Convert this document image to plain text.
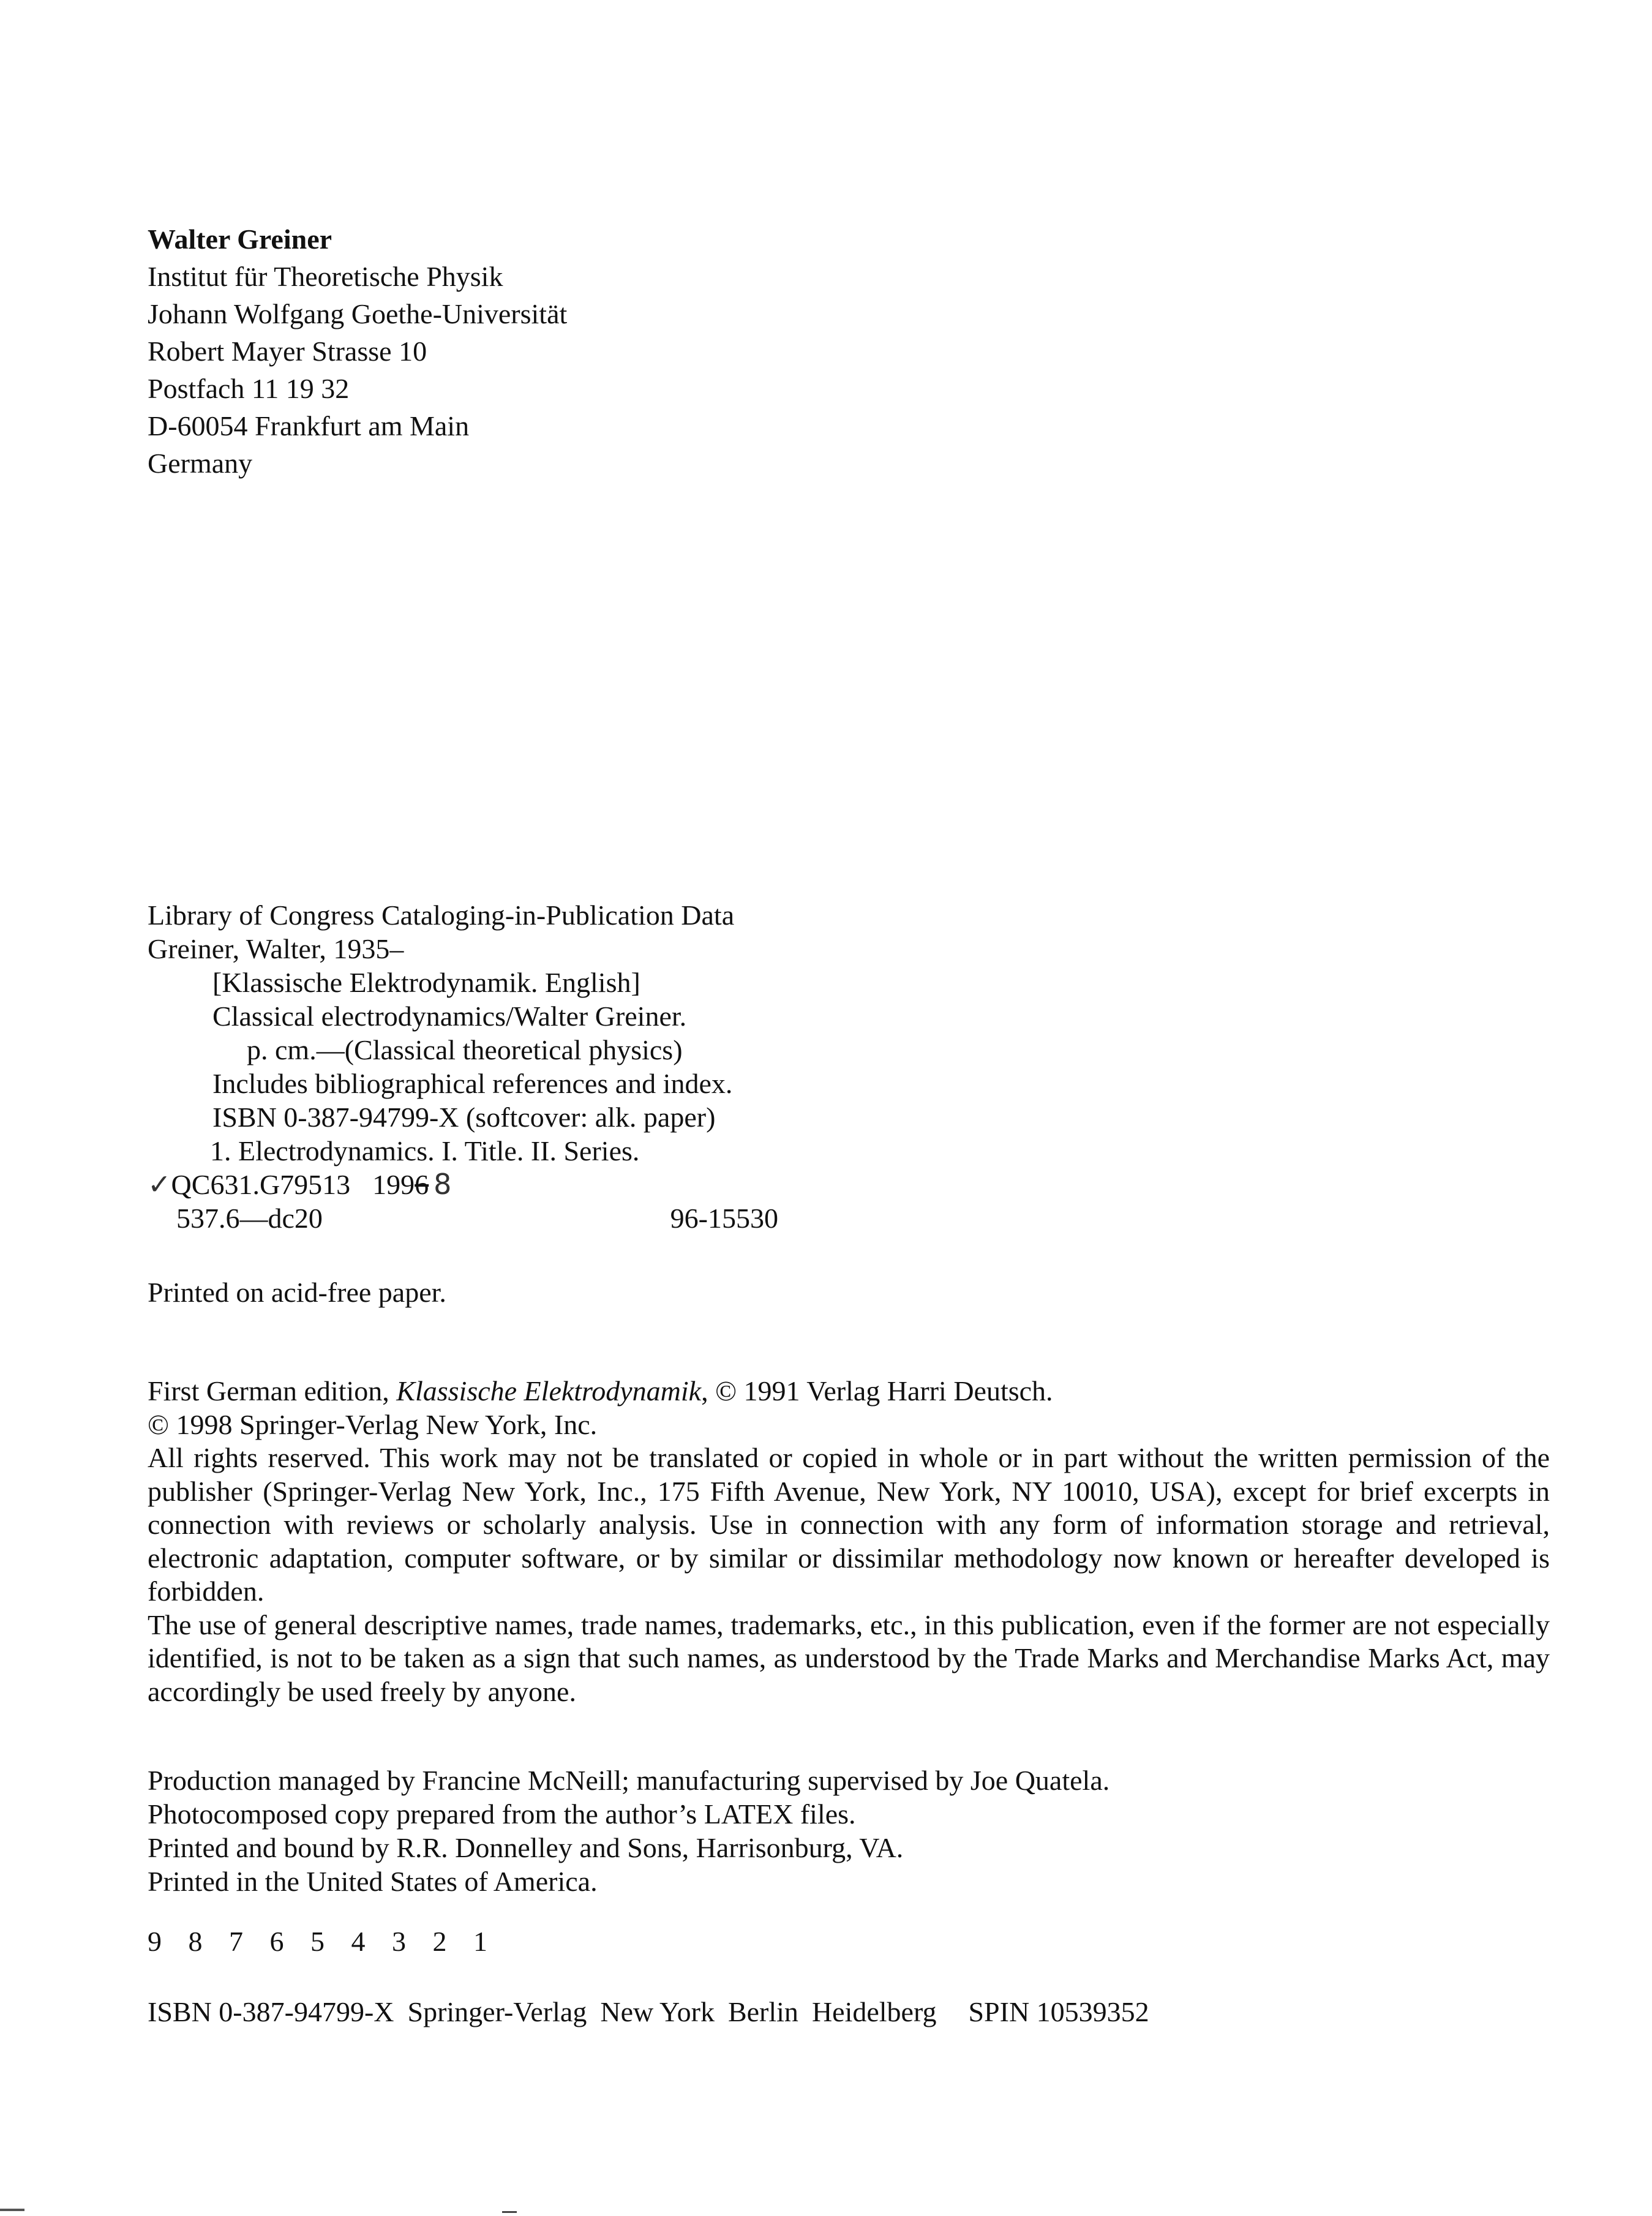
Walter Greiner
Institut für Theoretische Physik
Johann Wolfgang Goethe-Universität
Robert Mayer Strasse 10
Postfach 11 19 32
D-60054 Frankfurt am Main
Germany
Library of Congress Cataloging-in-Publication Data
Greiner, Walter, 1935–
[Klassische Elektrodynamik. English]
Classical electrodynamics/Walter Greiner.
p. cm.—(Classical theoretical physics)
Includes bibliographical references and index.
ISBN 0-387-94799-X (softcover: alk. paper)
1. Electrodynamics. I. Title. II. Series.
✓QC631.G79513 1996 8
537.6—dc20	96-15530
Printed on acid-free paper.
First German edition, Klassische Elektrodynamik, © 1991 Verlag Harri Deutsch.
© 1998 Springer-Verlag New York, Inc.
All rights reserved. This work may not be translated or copied in whole or in part without the written permission of the publisher (Springer-Verlag New York, Inc., 175 Fifth Avenue, New York, NY 10010, USA), except for brief excerpts in connection with reviews or scholarly analysis. Use in connection with any form of information storage and retrieval, electronic adaptation, computer software, or by similar or dissimilar methodology now known or hereafter developed is forbidden.
The use of general descriptive names, trade names, trademarks, etc., in this publication, even if the former are not especially identified, is not to be taken as a sign that such names, as understood by the Trade Marks and Merchandise Marks Act, may accordingly be used freely by anyone.
Production managed by Francine McNeill; manufacturing supervised by Joe Quatela.
Photocomposed copy prepared from the author’s LATEX files.
Printed and bound by R.R. Donnelley and Sons, Harrisonburg, VA.
Printed in the United States of America.
9 8 7 6 5 4 3 2 1
ISBN 0-387-94799-X Springer-Verlag New York Berlin Heidelberg SPIN 10539352
